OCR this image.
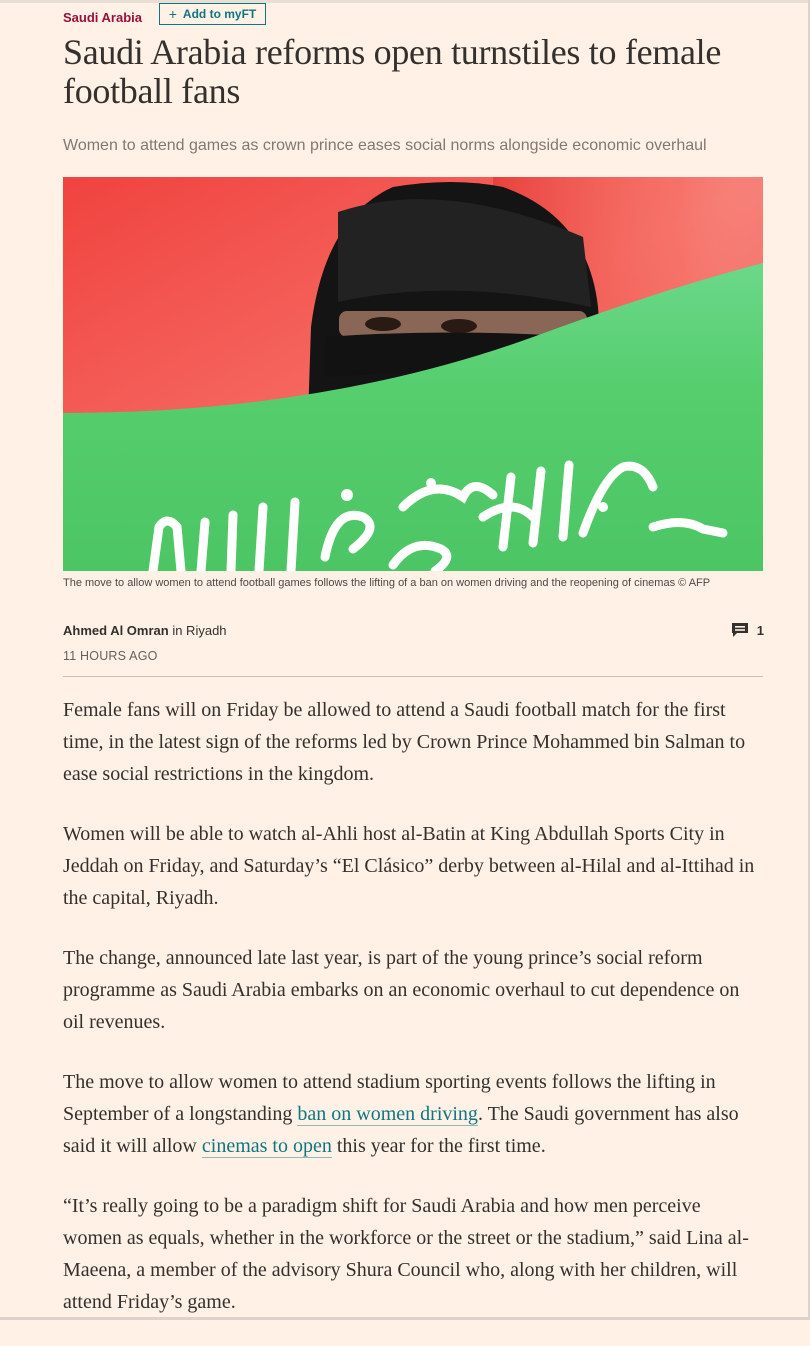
Saudi Arabia + Add to myFT
Saudi Arabia reforms open turnstiles to female football fans

Women to attend games as crown prince eases social norms alongside economic overhaul

The move to allow women to attend football games follows the lifting of a ban on women driving and the reopening of cinemas © AFP
Ahmed Al Omran in Riyadh
11 HOURS AGO
1

Female fans will on Friday be allowed to attend a Saudi football match for the first time, in the latest sign of the reforms led by Crown Prince Mohammed bin Salman to ease social restrictions in the kingdom.

Women will be able to watch al-Ahli host al-Batin at King Abdullah Sports City in Jeddah on Friday, and Saturday’s “El Clásico” derby between al-Hilal and al-Ittihad in the capital, Riyadh.

The change, announced late last year, is part of the young prince’s social reform programme as Saudi Arabia embarks on an economic overhaul to cut dependence on oil revenues.

The move to allow women to attend stadium sporting events follows the lifting in September of a longstanding ban on women driving. The Saudi government has also said it will allow cinemas to open this year for the first time.

“It’s really going to be a paradigm shift for Saudi Arabia and how men perceive women as equals, whether in the workforce or the street or the stadium,” said Lina al-Maeena, a member of the advisory Shura Council who, along with her children, will attend Friday’s game.
